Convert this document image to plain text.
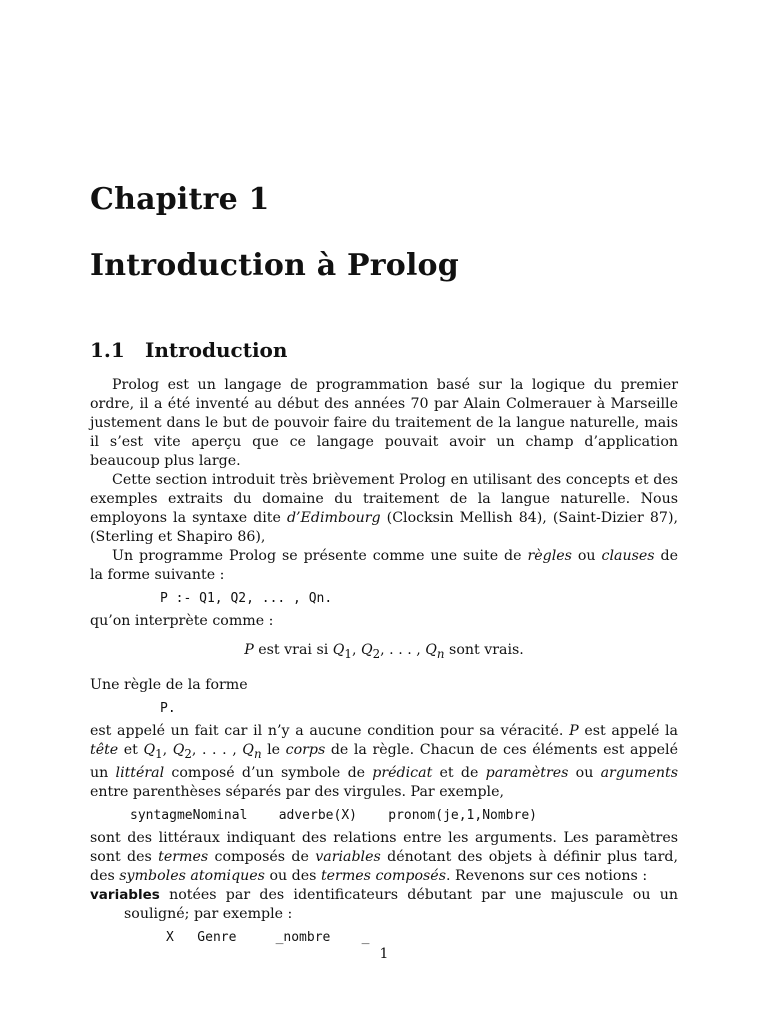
Chapitre 1
Introduction à Prolog
1.1 Introduction

Prolog est un langage de programmation basé sur la logique du premier ordre, il a été inventé au début des années 70 par Alain Colmerauer à Marseille justement dans le but de pouvoir faire du traitement de la langue naturelle, mais il s’est vite aperçu que ce langage pouvait avoir un champ d’application beaucoup plus large.

Cette section introduit très brièvement Prolog en utilisant des concepts et des exemples extraits du domaine du traitement de la langue naturelle. Nous employons la syntaxe dite d’Edimbourg (Clocksin Mellish 84), (Saint-Dizier 87), (Sterling et Shapiro 86),

Un programme Prolog se présente comme une suite de règles ou clauses de la forme suivante :

P :- Q1, Q2, ... , Qn.

qu’on interprète comme :

P est vrai si $Q_1$, $Q_2$, . . . , $Q_n$ sont vrais.

Une règle de la forme

P.

est appelé un fait car il n’y a aucune condition pour sa véracité. P est appelé la tête et $Q_1$, $Q_2$, . . . , $Q_n$ le corps de la règle. Chacun de ces éléments est appelé un littéral composé d’un symbole de prédicat et de paramètres ou arguments entre parenthèses séparés par des virgules. Par exemple,

syntagmeNominal    adverbe(X)    pronom(je,1,Nombre)

sont des littéraux indiquant des relations entre les arguments. Les paramètres sont des termes composés de variables dénotant des objets à définir plus tard, des symboles atomiques ou des termes composés. Revenons sur ces notions :

variables notées par des identificateurs débutant par une majuscule ou un souligné; par exemple :

X   Genre     _nombre    _
1
